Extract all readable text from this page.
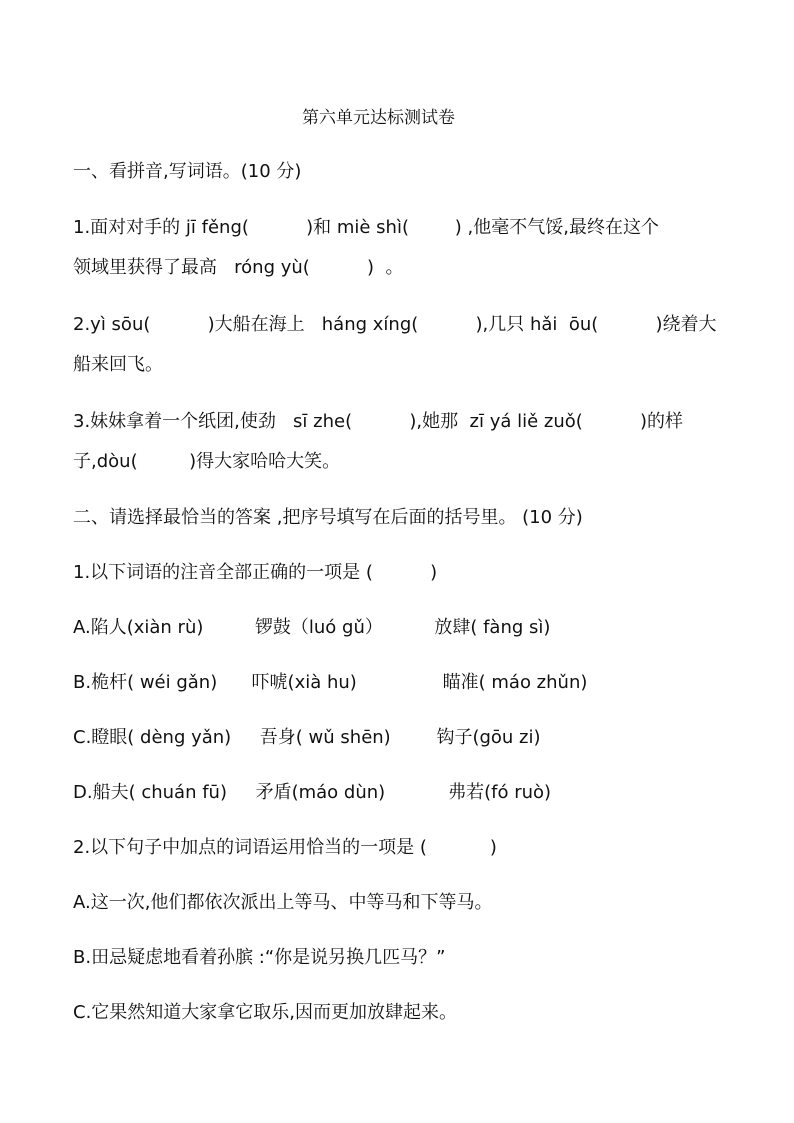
第六单元达标测试卷
一、看拼音,写词语。(10 分)
1.面对对手的 jī fěng(          )和 miè shì(        ) ,他毫不气馁,最终在这个
领域里获得了最高   róng yù(          )  。
2.yì sōu(          )大船在海上   háng xíng(          ),几只 hǎi  ōu(          )绕着大
船来回飞。
3.妹妹拿着一个纸团,使劲   sī zhe(          ),她那  zī yá liě zuǒ(          )的样
子,dòu(         )得大家哈哈大笑。
二、请选择最恰当的答案 ,把序号填写在后面的括号里。 (10 分)
1.以下词语的注音全部正确的一项是 (          )
A.陷人(xiàn rù)         锣鼓（luó gǔ）         放肆( fàng sì)
B.桅杆( wéi gǎn)      吓唬(xià hu)               瞄准( máo zhǔn)
C.瞪眼( dèng yǎn)     吾身( wǔ shēn)        钩子(gōu zi)
D.船夫( chuán fū)     矛盾(máo dùn)           弗若(fó ruò)
2.以下句子中加点的词语运用恰当的一项是 (           )
A.这一次,他们都依次派出上等马、中等马和下等马。
B.田忌疑虑地看着孙膑 :“你是说另换几匹马？”
C.它果然知道大家拿它取乐,因而更加放肆起来。
